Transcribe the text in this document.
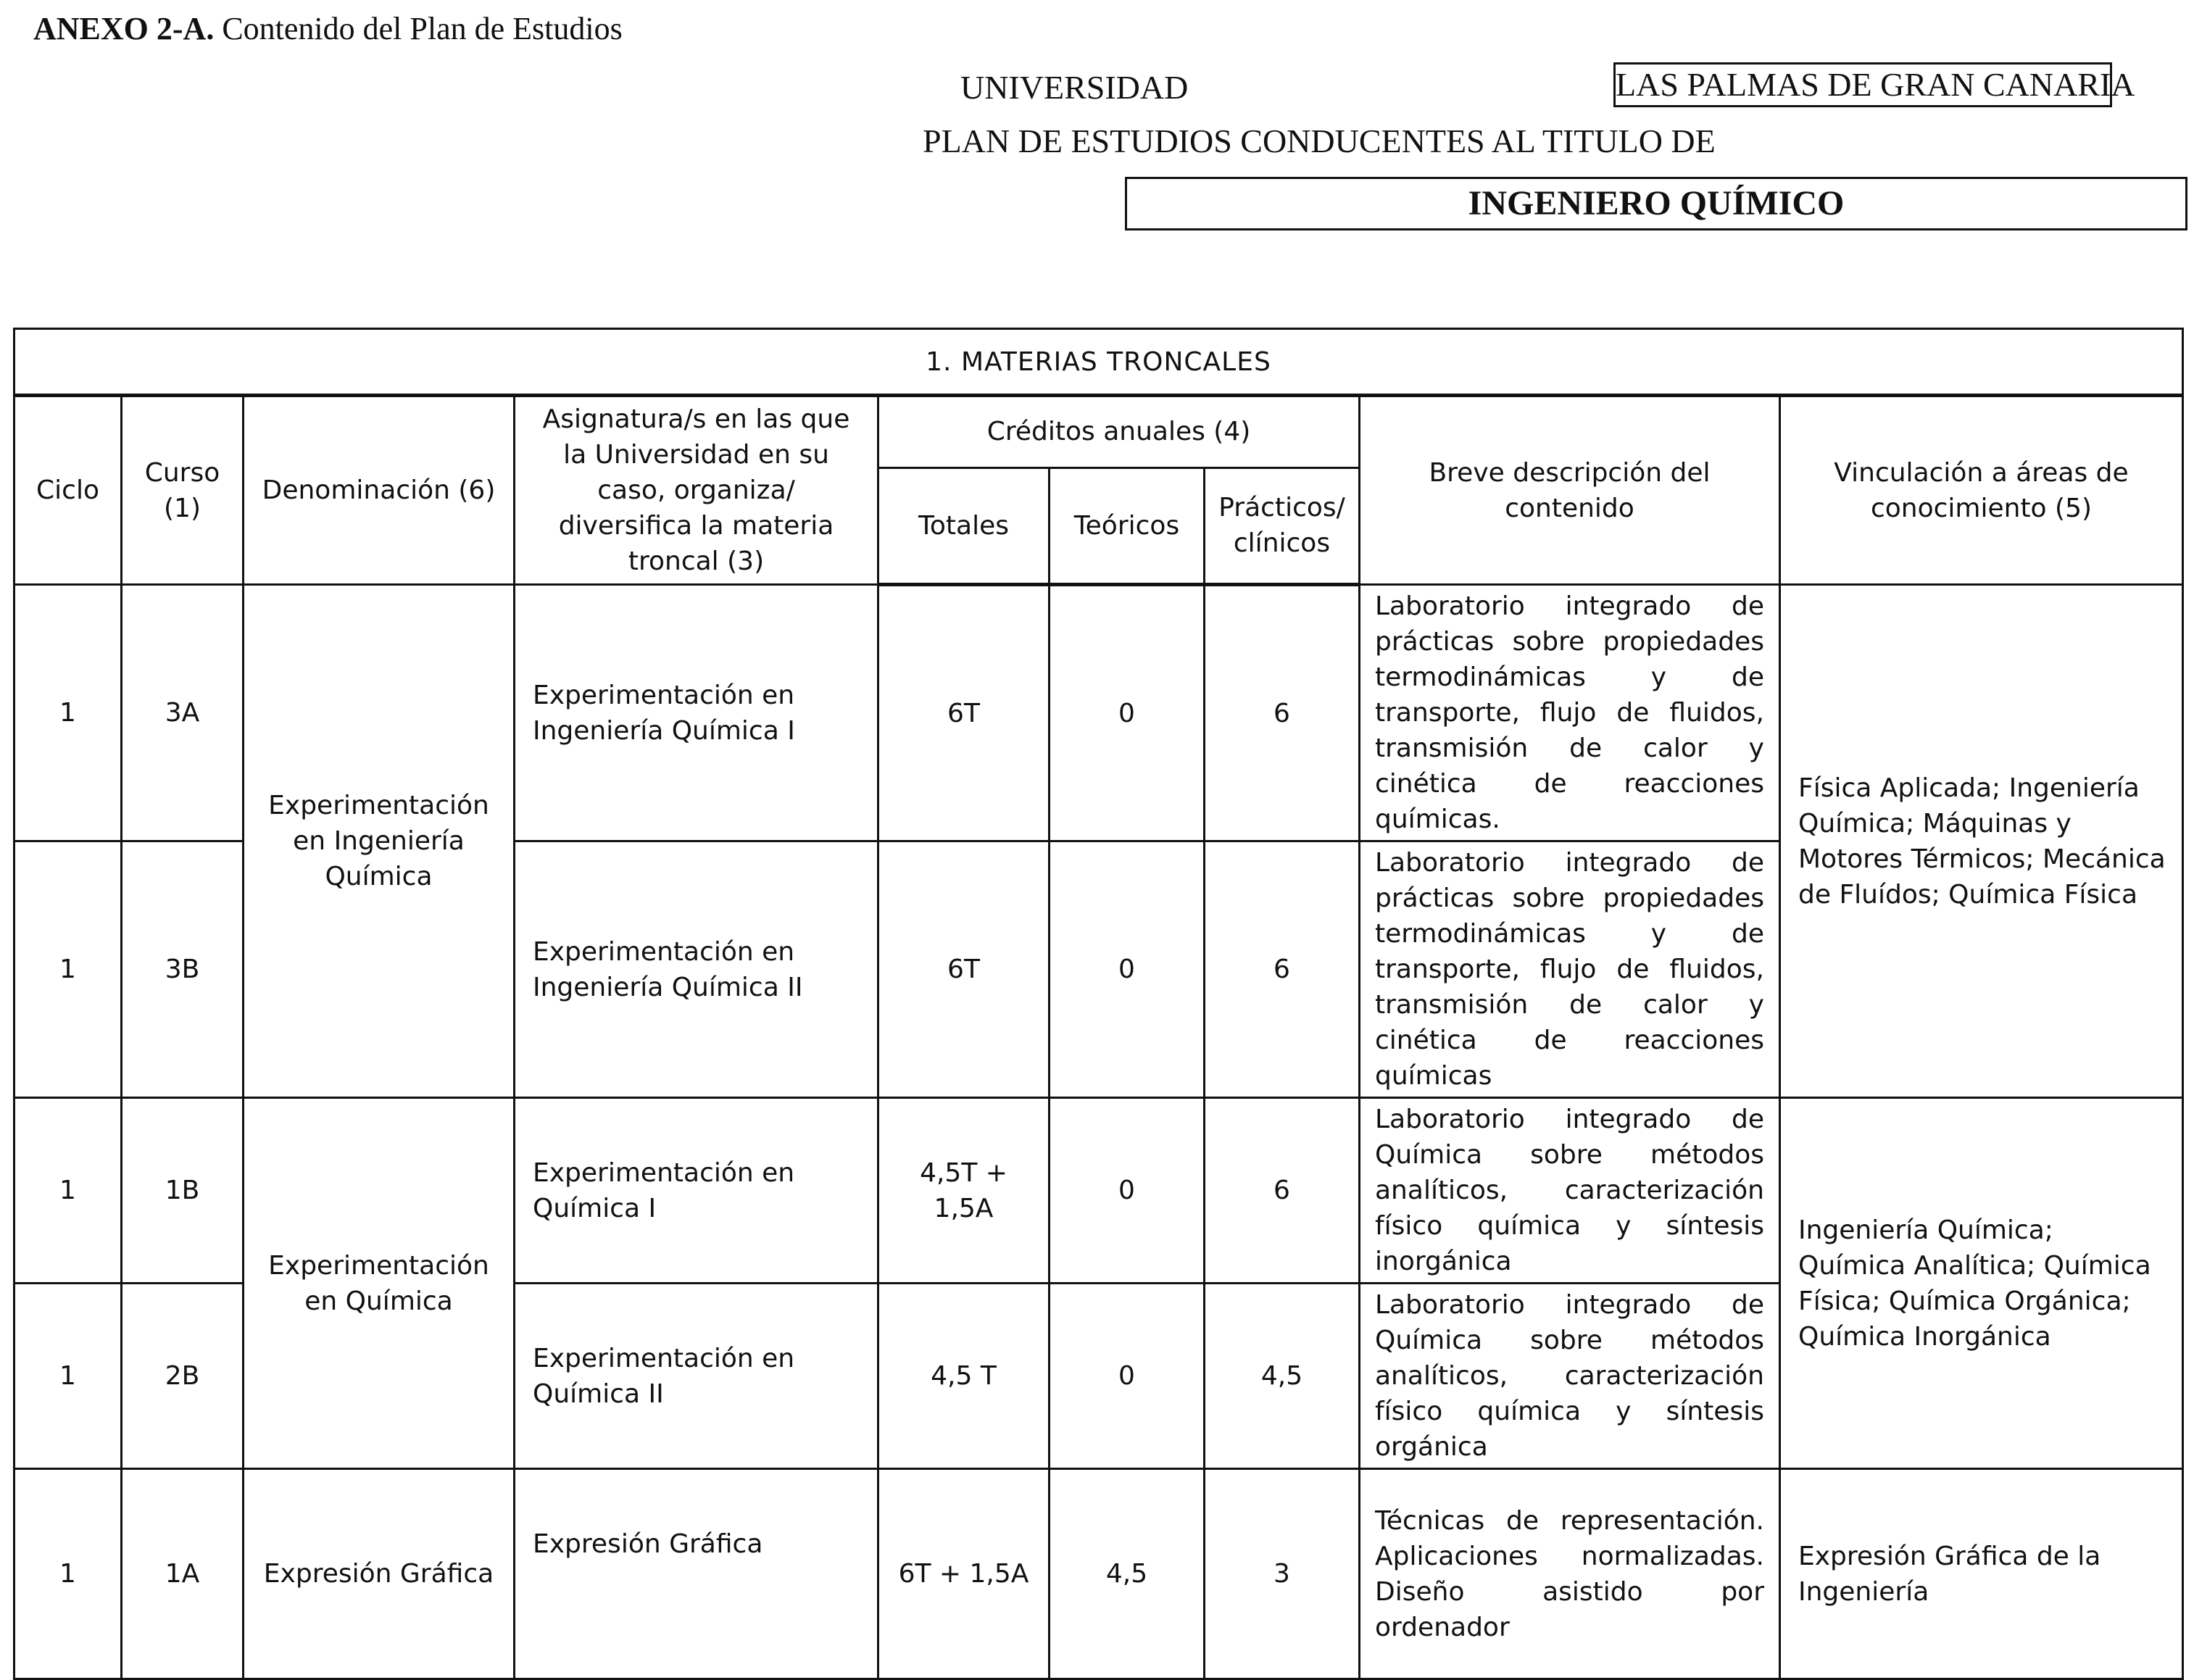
ANEXO 2-A. Contenido del Plan de Estudios
UNIVERSIDAD	LAS PALMAS DE GRAN CANARIA
PLAN DE ESTUDIOS CONDUCENTES AL TITULO DE
INGENIERO QUÍMICO
1. MATERIAS TRONCALES								
Ciclo	Curso (1)	Denominación (6)	Asignatura/s en las que la Universidad en su caso, organiza/ diversifica la materia troncal (3)	Créditos anuales (4)			Breve descripción del contenido	Vinculación a áreas de conocimiento (5)
				Totales	Teóricos	Prácticos/ clínicos		
1	3A	Experimentación en Ingeniería Química	Experimentación en Ingeniería Química I	6T	0	6	Laboratorio integrado de prácticas sobre propiedades termodinámicas y de transporte, flujo de fluidos, transmisión de calor y cinética de reacciones químicas.	Física Aplicada; Ingeniería Química; Máquinas y Motores Térmicos; Mecánica de Fluídos; Química Física
1	3B		Experimentación en Ingeniería Química II	6T	0	6	Laboratorio integrado de prácticas sobre propiedades termodinámicas y de transporte, flujo de fluidos, transmisión de calor y cinética de reacciones químicas	
1	1B	Experimentación en Química	Experimentación en Química I	4,5T + 1,5A	0	6	Laboratorio integrado de Química sobre métodos analíticos, caracterización físico química y síntesis inorgánica	Ingeniería Química; Química Analítica; Química Física; Química Orgánica; Química Inorgánica
1	2B		Experimentación en Química II	4,5 T	0	4,5	Laboratorio integrado de Química sobre métodos analíticos, caracterización físico química y síntesis orgánica	
1	1A	Expresión Gráfica	Expresión Gráfica	6T + 1,5A	4,5	3	Técnicas de representación. Aplicaciones normalizadas. Diseño asistido por ordenador	Expresión Gráfica de la Ingeniería
